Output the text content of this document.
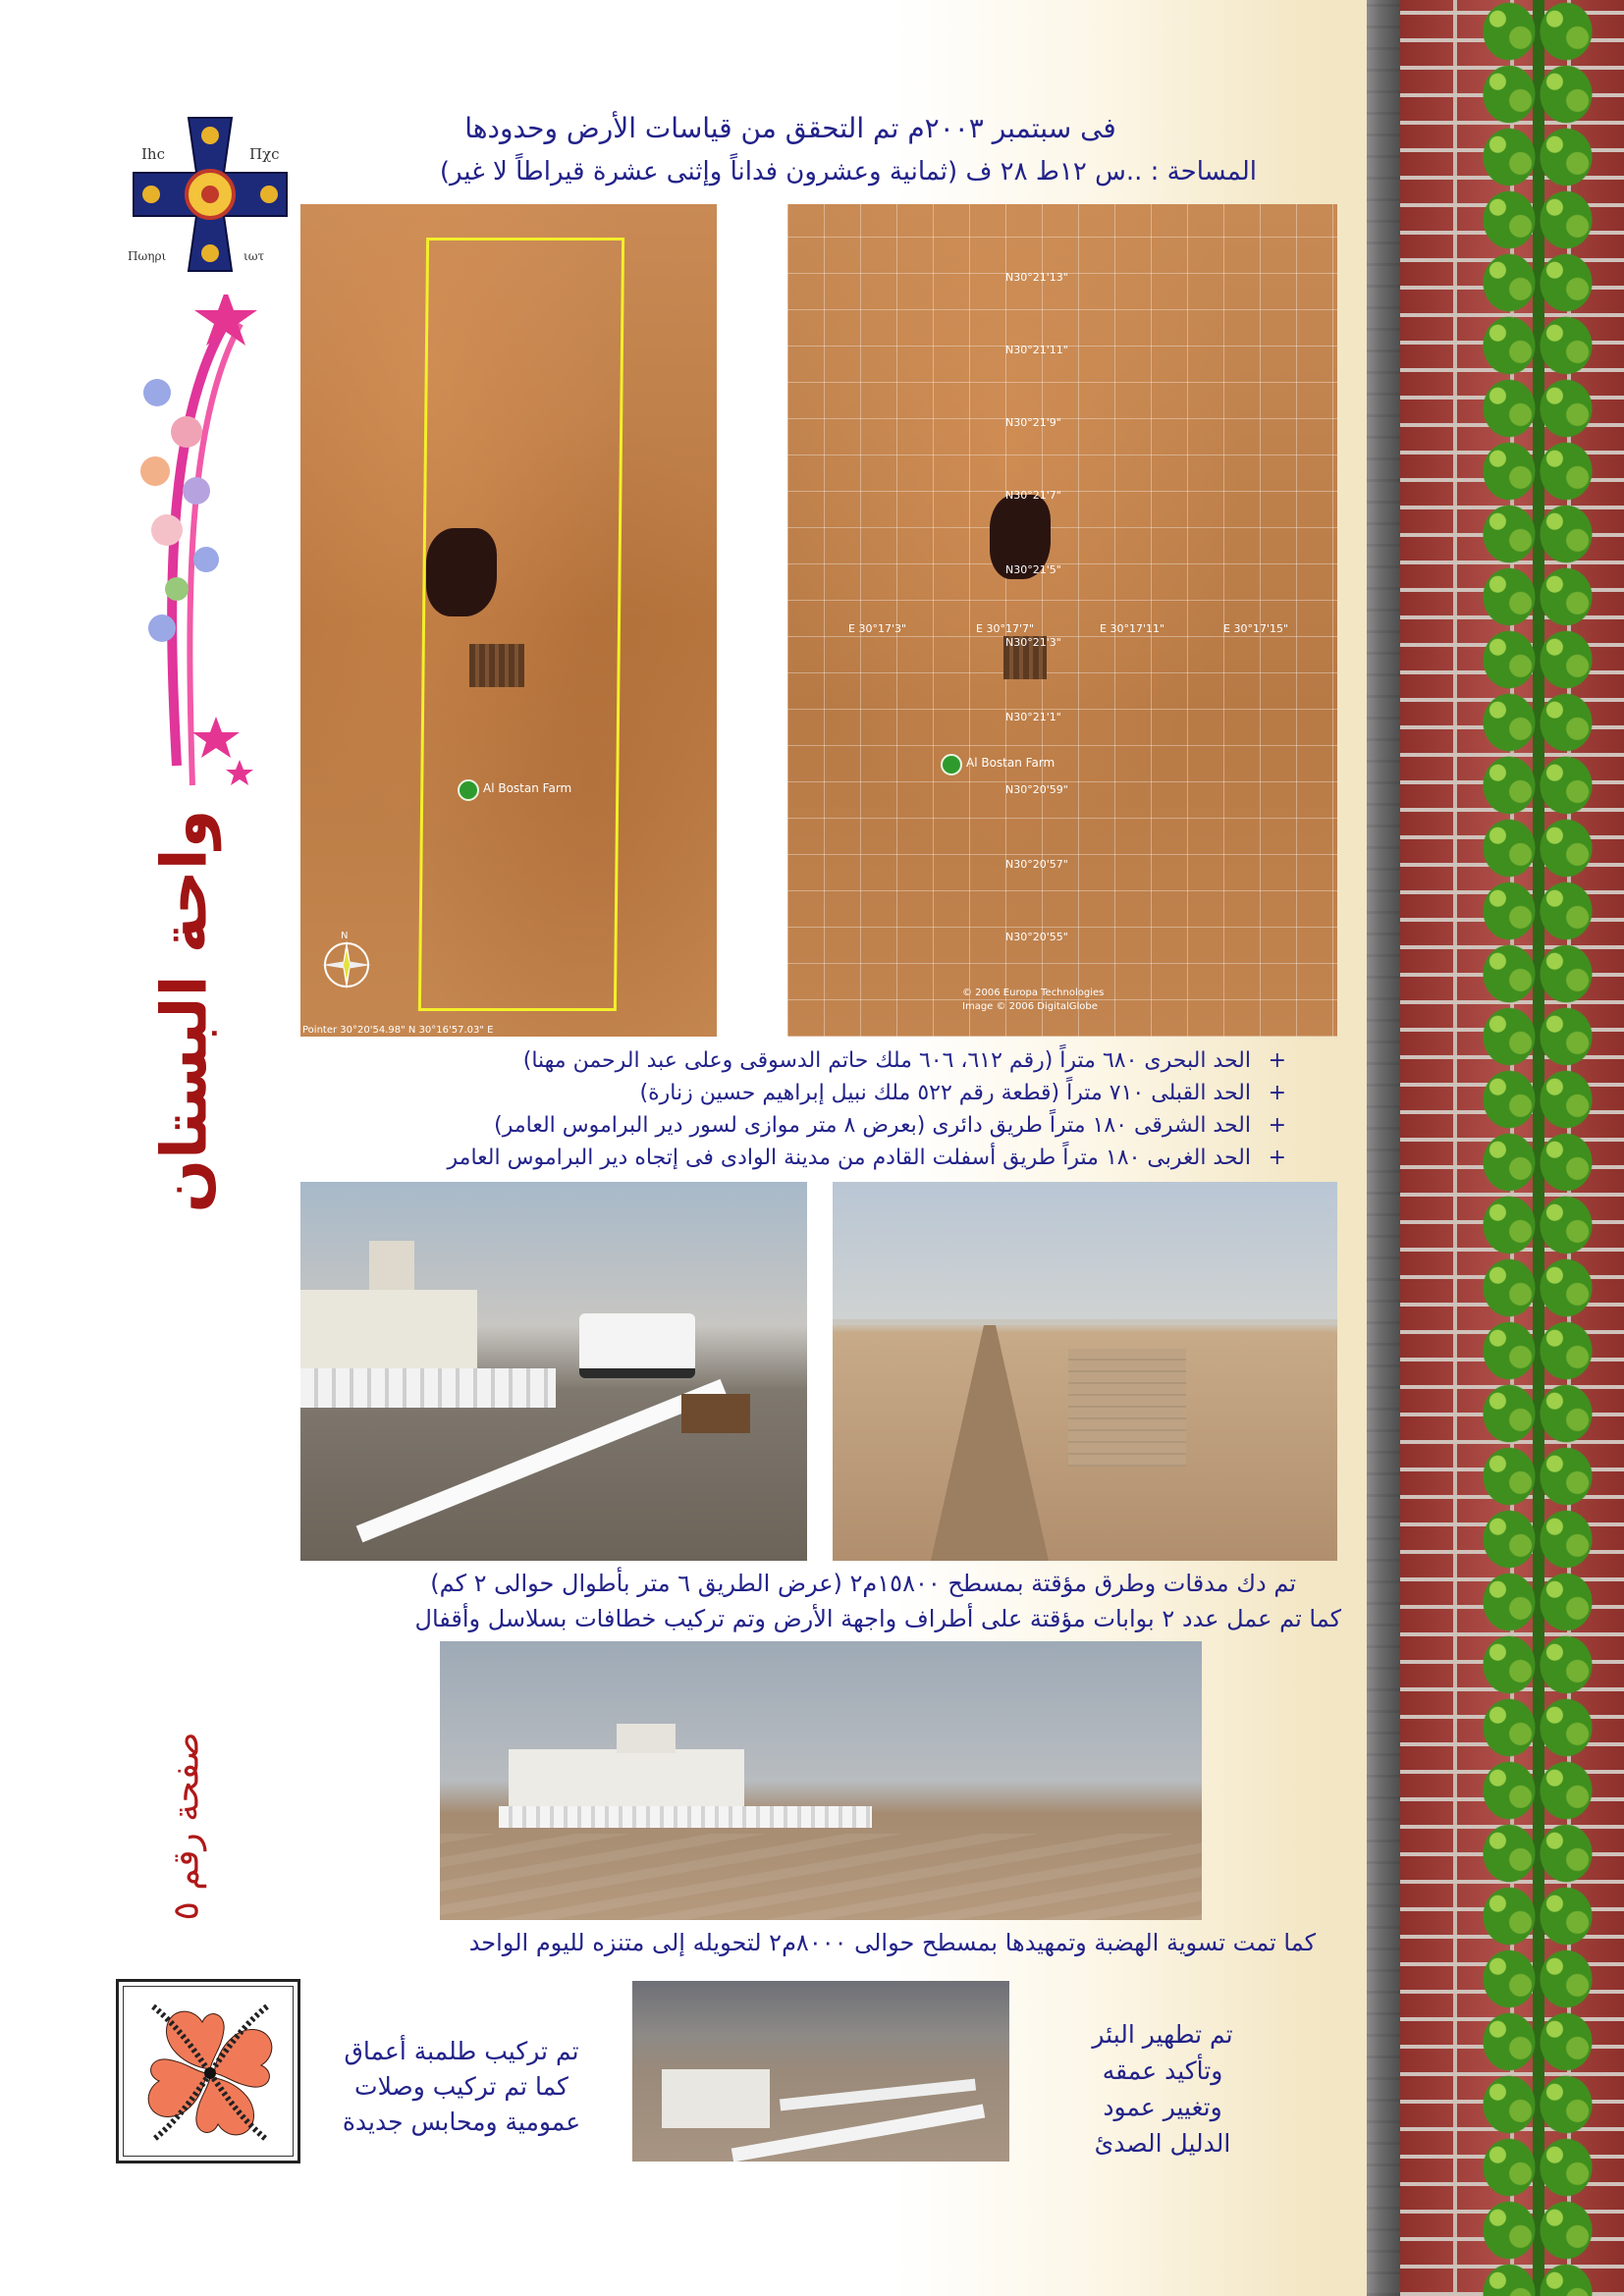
Ihc	Πχc
Πωηρι	ιωτ
واحة البستان
فى سبتمبر ٢٠٠٣م تم التحقق من قياسات الأرض وحدودها
المساحة : ..س ١٢ط ٢٨ ف (ثمانية وعشرون فداناً وإثنى عشرة قيراطاً لا غير)
Al Bostan Farm
N
Pointer 30°20'54.98" N 30°16'57.03" E
N30°21'13"
N30°21'11"
N30°21'9"
N30°21'7"
N30°21'5"
N30°21'3"
N30°21'1"
N30°20'59"
N30°20'57"
N30°20'55"
E 30°17'3"	E 30°17'7"	E 30°17'11"	E 30°17'15"
Al Bostan Farm
© 2006 Europa Technologies
Image © 2006 DigitalGlobe
+ الحد البحرى ٦٨٠ متراً (رقم ٦١٢، ٦٠٦ ملك حاتم الدسوقى وعلى عبد الرحمن مهنا)
+ الحد القبلى ٧١٠ متراً (قطعة رقم ٥٢٢ ملك نبيل إبراهيم حسين زنارة)
+ الحد الشرقى ١٨٠ متراً طريق دائرى (بعرض ٨ متر موازى لسور دير البراموس العامر)
+ الحد الغربى ١٨٠ متراً طريق أسفلت القادم من مدينة الوادى فى إتجاه دير البراموس العامر
تم دك مدقات وطرق مؤقتة بمسطح ١٥٨٠٠م٢ (عرض الطريق ٦ متر بأطوال حوالى ٢ كم)
كما تم عمل عدد ٢ بوابات مؤقتة على أطراف واجهة الأرض وتم تركيب خطافات بسلاسل وأقفال
كما تمت تسوية الهضبة وتمهيدها بمسطح حوالى ٨٠٠٠م٢ لتحويله إلى متنزه لليوم الواحد
صفحة رقم ٥
تم تركيب طلمبة أعماق
كما تم تركيب وصلات
عمومية ومحابس جديدة
تم تطهير البئر
وتأكيد عمقه
وتغيير عمود
الدليل الصدئ
